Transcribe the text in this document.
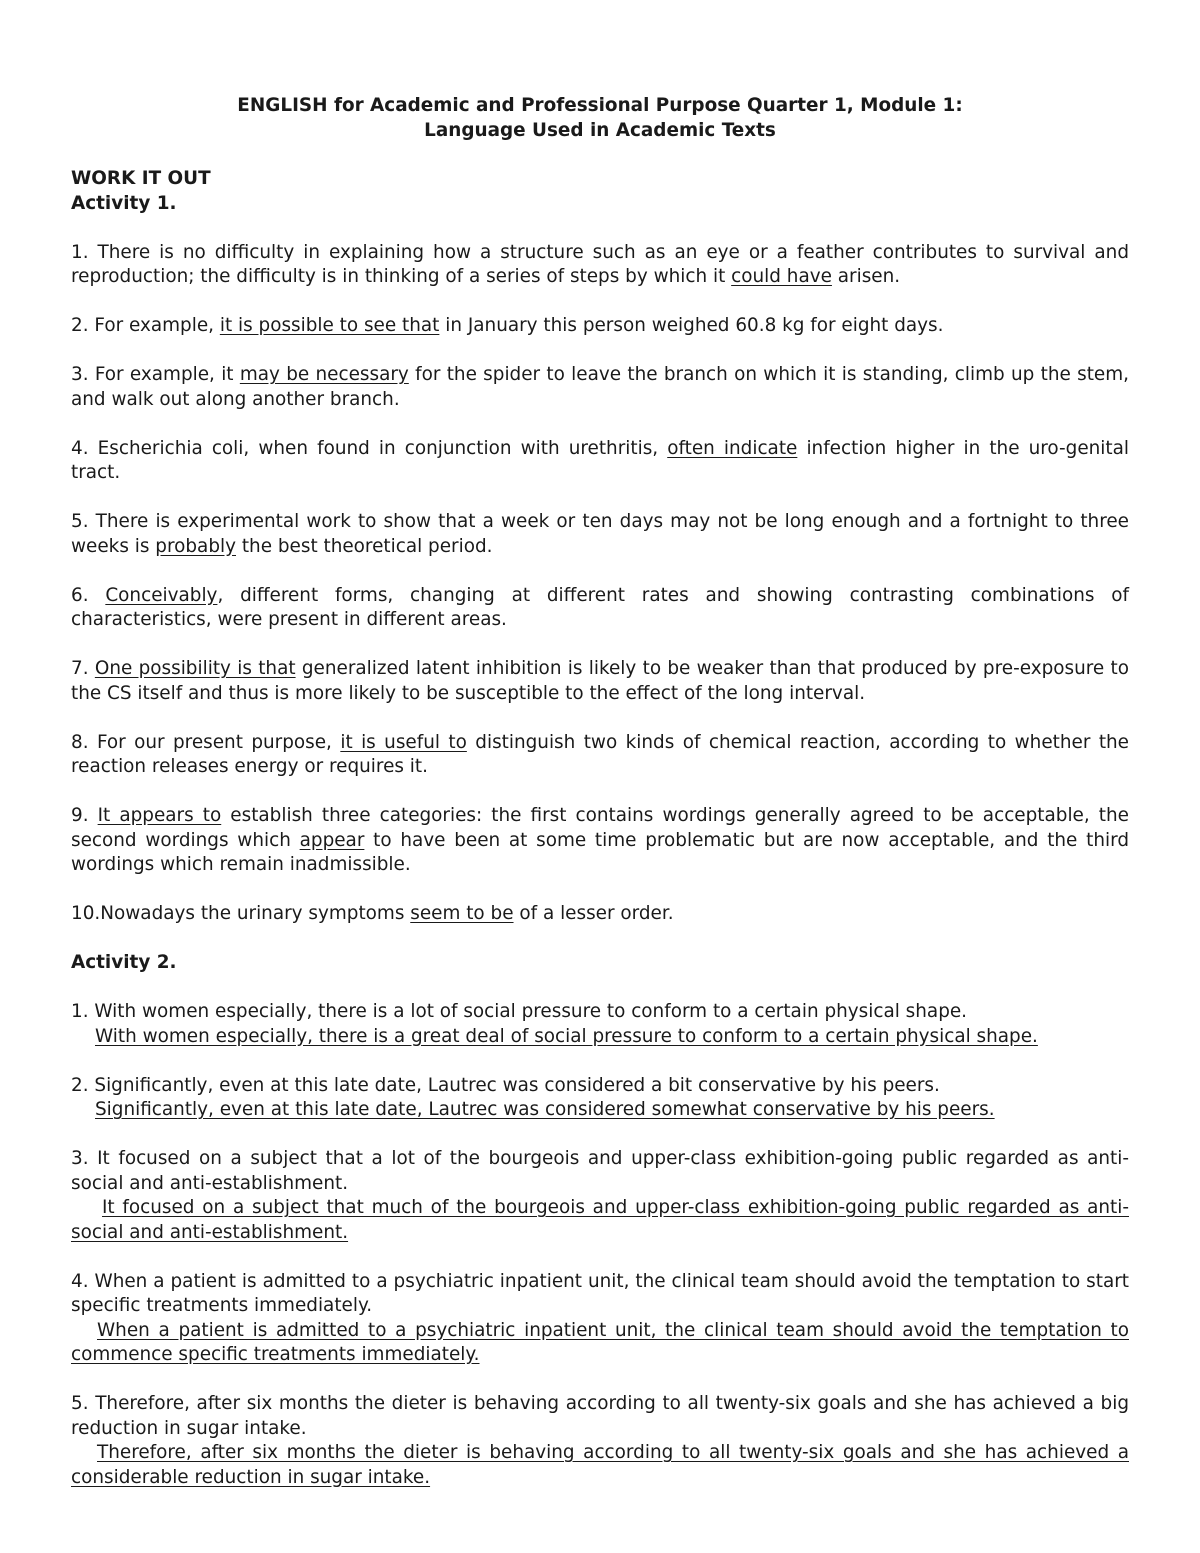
ENGLISH for Academic and Professional Purpose Quarter 1, Module 1:
Language Used in Academic Texts

WORK IT OUT

Activity 1.

1. There is no difficulty in explaining how a structure such as an eye or a feather contributes to survival and reproduction; the difficulty is in thinking of a series of steps by which it could have arisen.

2. For example, it is possible to see that in January this person weighed 60.8 kg for eight days.

3. For example, it may be necessary for the spider to leave the branch on which it is standing, climb up the stem, and walk out along another branch.

4. Escherichia coli, when found in conjunction with urethritis, often indicate infection higher in the uro-genital tract.

5. There is experimental work to show that a week or ten days may not be long enough and a fortnight to three weeks is probably the best theoretical period.

6. Conceivably, different forms, changing at different rates and showing contrasting combinations of characteristics, were present in different areas.

7. One possibility is that generalized latent inhibition is likely to be weaker than that produced by pre-exposure to the CS itself and thus is more likely to be susceptible to the effect of the long interval.

8. For our present purpose, it is useful to distinguish two kinds of chemical reaction, according to whether the reaction releases energy or requires it.

9. It appears to establish three categories: the first contains wordings generally agreed to be acceptable, the second wordings which appear to have been at some time problematic but are now acceptable, and the third wordings which remain inadmissible.

10.Nowadays the urinary symptoms seem to be of a lesser order.

Activity 2.

1. With women especially, there is a lot of social pressure to conform to a certain physical shape.

With women especially, there is a great deal of social pressure to conform to a certain physical shape.

2. Significantly, even at this late date, Lautrec was considered a bit conservative by his peers.

Significantly, even at this late date, Lautrec was considered somewhat conservative by his peers.

3. It focused on a subject that a lot of the bourgeois and upper-class exhibition-going public regarded as anti-social and anti-establishment.

It focused on a subject that much of the bourgeois and upper-class exhibition-going public regarded as anti-social and anti-establishment.

4. When a patient is admitted to a psychiatric inpatient unit, the clinical team should avoid the temptation to start specific treatments immediately.

When a patient is admitted to a psychiatric inpatient unit, the clinical team should avoid the temptation to commence specific treatments immediately.

5. Therefore, after six months the dieter is behaving according to all twenty-six goals and she has achieved a big reduction in sugar intake.

Therefore, after six months the dieter is behaving according to all twenty-six goals and she has achieved a considerable reduction in sugar intake.
